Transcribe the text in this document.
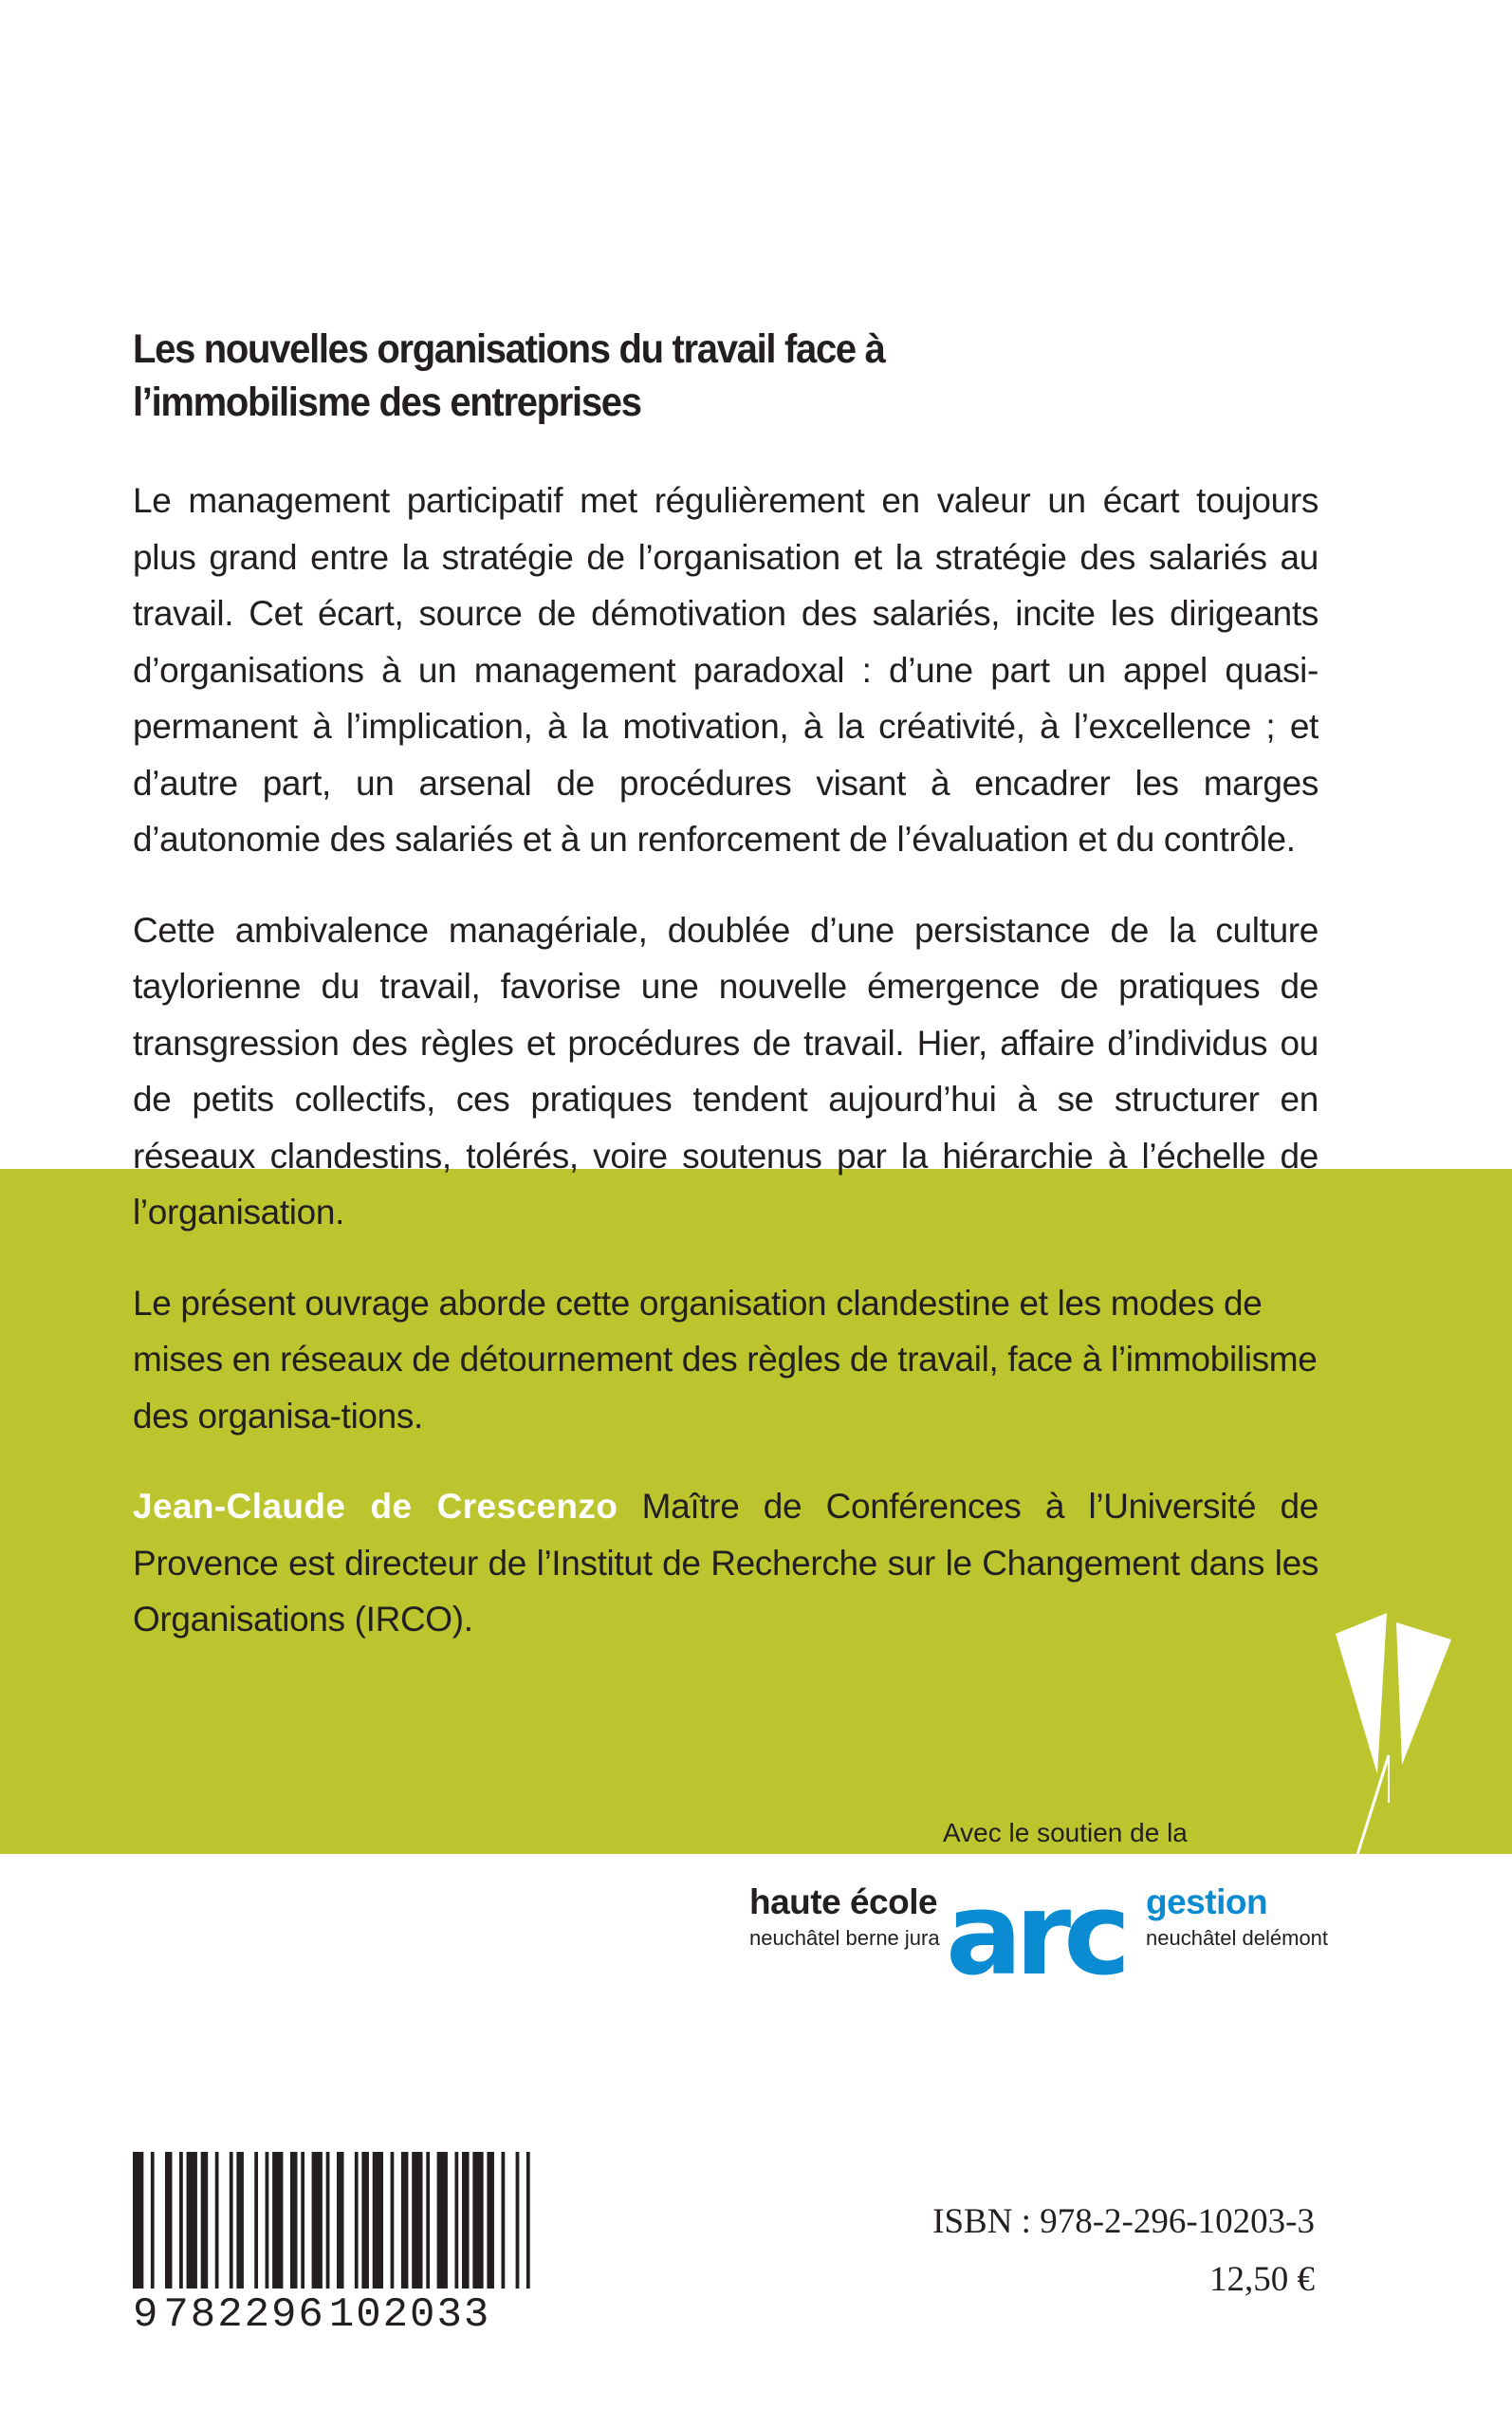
Les nouvelles organisations du travail face à l’immobilisme des entreprises

Le management participatif met régulièrement en valeur un écart toujours plus grand entre la stratégie de l’organisation et la stratégie des salariés au travail. Cet écart, source de démotivation des salariés, incite les dirigeants d’organisations à un management paradoxal : d’une part un appel quasi-permanent à l’implication, à la motivation, à la créativité, à l’excellence ; et d’autre part, un arsenal de procédures visant à encadrer les marges d’autonomie des salariés et à un renforcement de l’évaluation et du contrôle.

Cette ambivalence managériale, doublée d’une persistance de la culture taylorienne du travail, favorise une nouvelle émergence de pratiques de transgression des règles et procédures de travail. Hier, affaire d’individus ou de petits collectifs, ces pratiques tendent aujourd’hui à se structurer en réseaux clandestins, tolérés, voire soutenus par la hiérarchie à l’échelle de l’organisation.

Le présent ouvrage aborde cette organisation clandestine et les modes de mises en réseaux de détournement des règles de travail, face à l’immobilisme des organisa-tions.

Jean-Claude de Crescenzo Maître de Conférences à l’Université de Provence est directeur de l’Institut de Recherche sur le Changement dans les Organisations (IRCO).

Avec le soutien de la
haute école
neuchâtel berne jura arc gestion
neuchâtel delémont
9782296102033
ISBN : 978-2-296-10203-3
12,50 €
